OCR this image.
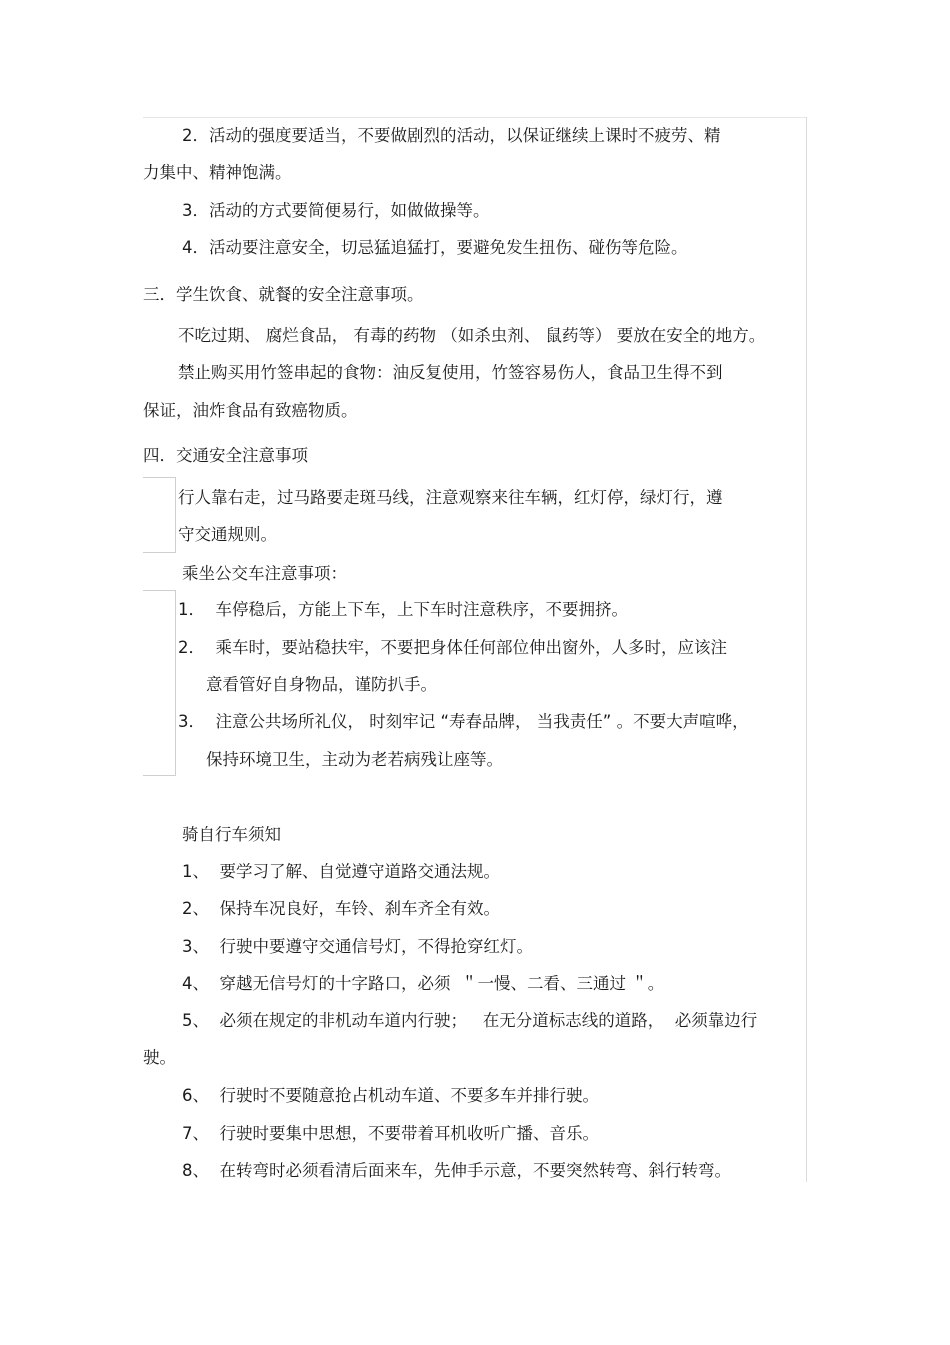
2．活动的强度要适当，不要做剧烈的活动，以保证继续上课时不疲劳、精
力集中、精神饱满。
3．活动的方式要简便易行，如做做操等。
4．活动要注意安全，切忌猛追猛打，要避免发生扭伤、碰伤等危险。
三．学生饮食、就餐的安全注意事项。
不吃过期、 腐烂食品， 有毒的药物 （如杀虫剂、 鼠药等） 要放在安全的地方。
禁止购买用竹签串起的食物：油反复使用，竹签容易伤人，食品卫生得不到
保证，油炸食品有致癌物质。
四．交通安全注意事项
行人靠右走，过马路要走斑马线，注意观察来往车辆，红灯停，绿灯行，遵
守交通规则。
乘坐公交车注意事项：
1．  车停稳后，方能上下车，上下车时注意秩序，不要拥挤。
2．  乘车时，要站稳扶牢，不要把身体任何部位伸出窗外，人多时，应该注
意看管好自身物品，谨防扒手。
3．  注意公共场所礼仪， 时刻牢记 “寿春品牌， 当我责任” 。不要大声喧哗，
保持环境卫生，主动为老若病残让座等。
骑自行车须知
1、  要学习了解、自觉遵守道路交通法规。
2、  保持车况良好，车铃、刹车齐全有效。
3、  行驶中要遵守交通信号灯，不得抢穿红灯。
4、  穿越无信号灯的十字路口，必须  ＂一慢、二看、三通过 ＂。
5、  必须在规定的非机动车道内行驶；   在无分道标志线的道路，  必须靠边行
驶。
6、  行驶时不要随意抢占机动车道、不要多车并排行驶。
7、  行驶时要集中思想，不要带着耳机收听广播、音乐。
8、  在转弯时必须看清后面来车，先伸手示意，不要突然转弯、斜行转弯。
